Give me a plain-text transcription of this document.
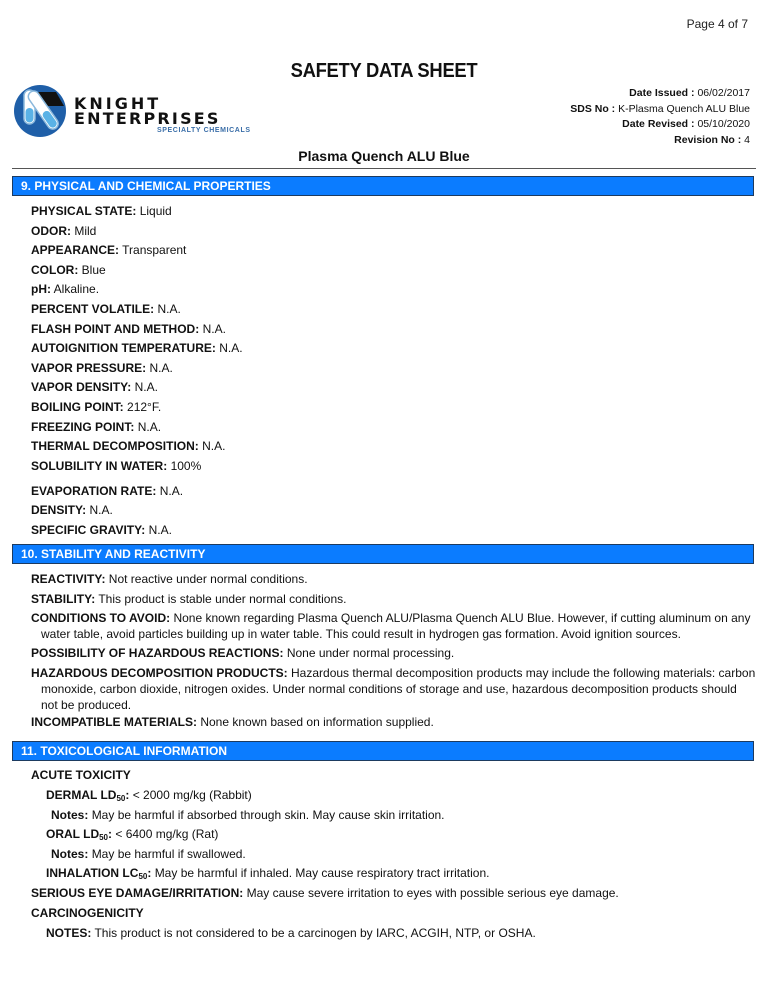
Page 4 of 7
SAFETY DATA SHEET
KNIGHT
ENTERPRISES
SPECIALTY CHEMICALS
Date Issued : 06/02/2017
SDS No : K-Plasma Quench ALU Blue
Date Revised : 05/10/2020
Revision No : 4
Plasma Quench ALU Blue
9. PHYSICAL AND CHEMICAL PROPERTIES
PHYSICAL STATE: Liquid
ODOR: Mild
APPEARANCE: Transparent
COLOR: Blue
pH: Alkaline.
PERCENT VOLATILE: N.A.
FLASH POINT AND METHOD: N.A.
AUTOIGNITION TEMPERATURE: N.A.
VAPOR PRESSURE: N.A.
VAPOR DENSITY: N.A.
BOILING POINT: 212°F.
FREEZING POINT: N.A.
THERMAL DECOMPOSITION: N.A.
SOLUBILITY IN WATER: 100%
EVAPORATION RATE: N.A.
DENSITY: N.A.
SPECIFIC GRAVITY: N.A.
10. STABILITY AND REACTIVITY
REACTIVITY: Not reactive under normal conditions.
STABILITY: This product is stable under normal conditions.
CONDITIONS TO AVOID: None known regarding Plasma Quench ALU/Plasma Quench ALU Blue. However, if cutting aluminum on any water table, avoid particles building up in water table. This could result in hydrogen gas formation. Avoid ignition sources.
POSSIBILITY OF HAZARDOUS REACTIONS: None under normal processing.
HAZARDOUS DECOMPOSITION PRODUCTS: Hazardous thermal decomposition products may include the following materials: carbon monoxide, carbon dioxide, nitrogen oxides. Under normal conditions of storage and use, hazardous decomposition products should not be produced.
INCOMPATIBLE MATERIALS: None known based on information supplied.
11. TOXICOLOGICAL INFORMATION
ACUTE TOXICITY
DERMAL $LD_{50}$: < 2000 mg/kg (Rabbit)
Notes: May be harmful if absorbed through skin. May cause skin irritation.
ORAL $LD_{50}$: < 6400 mg/kg (Rat)
Notes: May be harmful if swallowed.
INHALATION $LC_{50}$: May be harmful if inhaled. May cause respiratory tract irritation.
SERIOUS EYE DAMAGE/IRRITATION: May cause severe irritation to eyes with possible serious eye damage.
CARCINOGENICITY
NOTES: This product is not considered to be a carcinogen by IARC, ACGIH, NTP, or OSHA.
